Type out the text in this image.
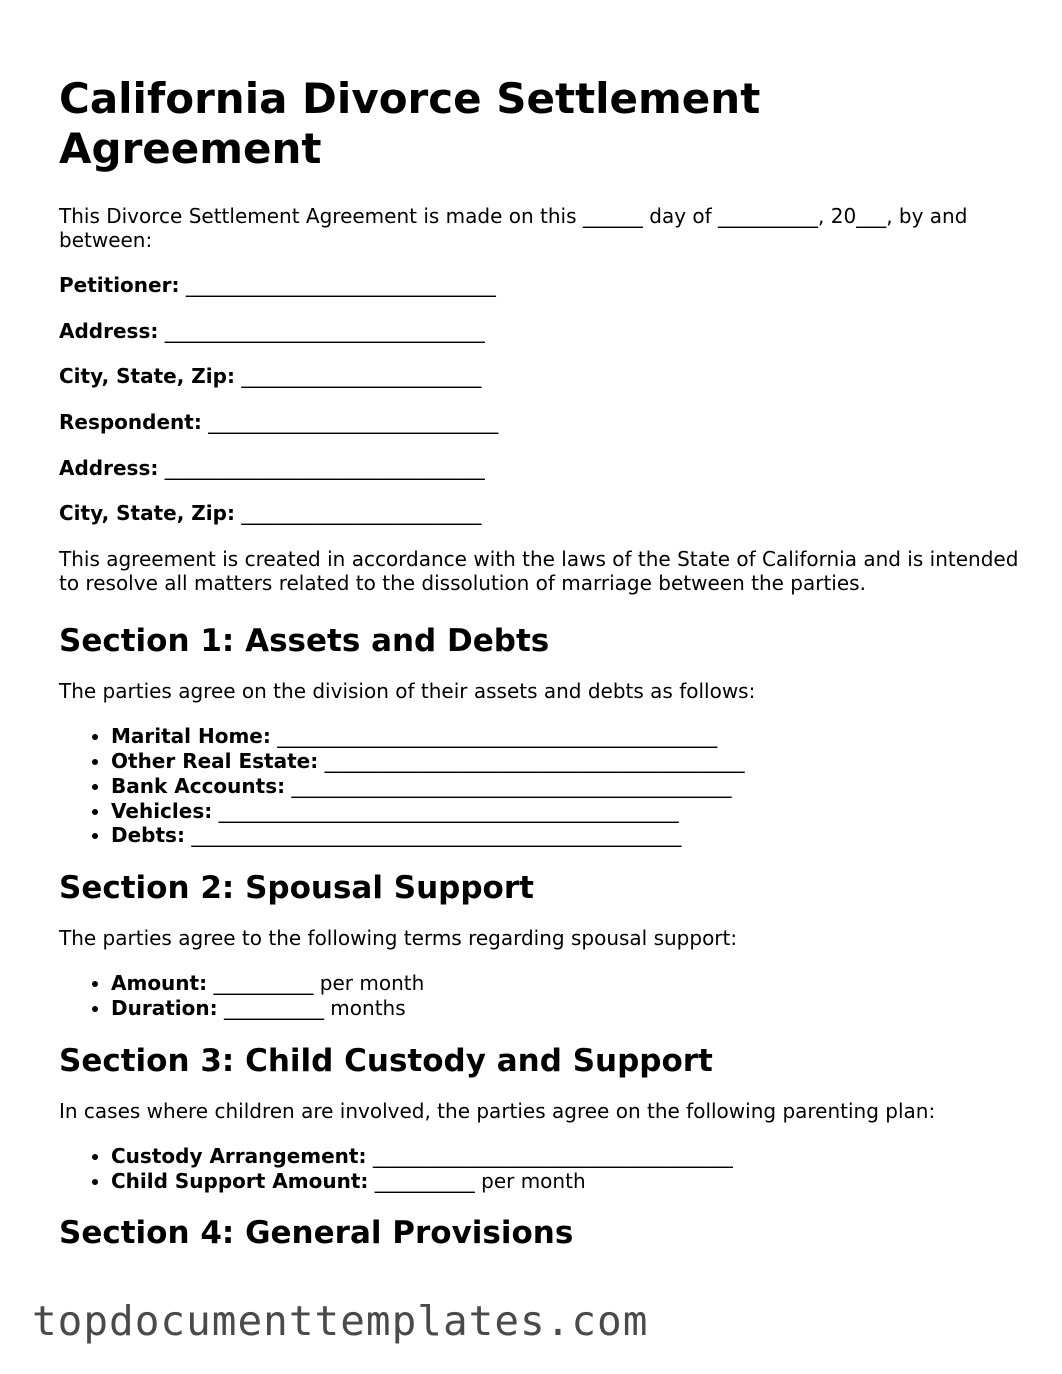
California Divorce Settlement Agreement

This Divorce Settlement Agreement is made on this ______ day of __________, 20___, by and between:

Petitioner: _______________________________
Address: ________________________________
City, State, Zip: ________________________
Respondent: _____________________________
Address: ________________________________
City, State, Zip: ________________________

This agreement is created in accordance with the laws of the State of California and is intended to resolve all matters related to the dissolution of marriage between the parties.

Section 1: Assets and Debts

The parties agree on the division of their assets and debts as follows:

• Marital Home: ____________________________________________
• Other Real Estate: __________________________________________
• Bank Accounts: ____________________________________________
• Vehicles: ______________________________________________
• Debts: _________________________________________________
Section 2: Spousal Support

The parties agree to the following terms regarding spousal support:

• Amount: __________ per month
• Duration: __________ months
Section 3: Child Custody and Support

In cases where children are involved, the parties agree on the following parenting plan:

• Custody Arrangement: ____________________________________
• Child Support Amount: __________ per month
Section 4: General Provisions
topdocumenttemplates.com
